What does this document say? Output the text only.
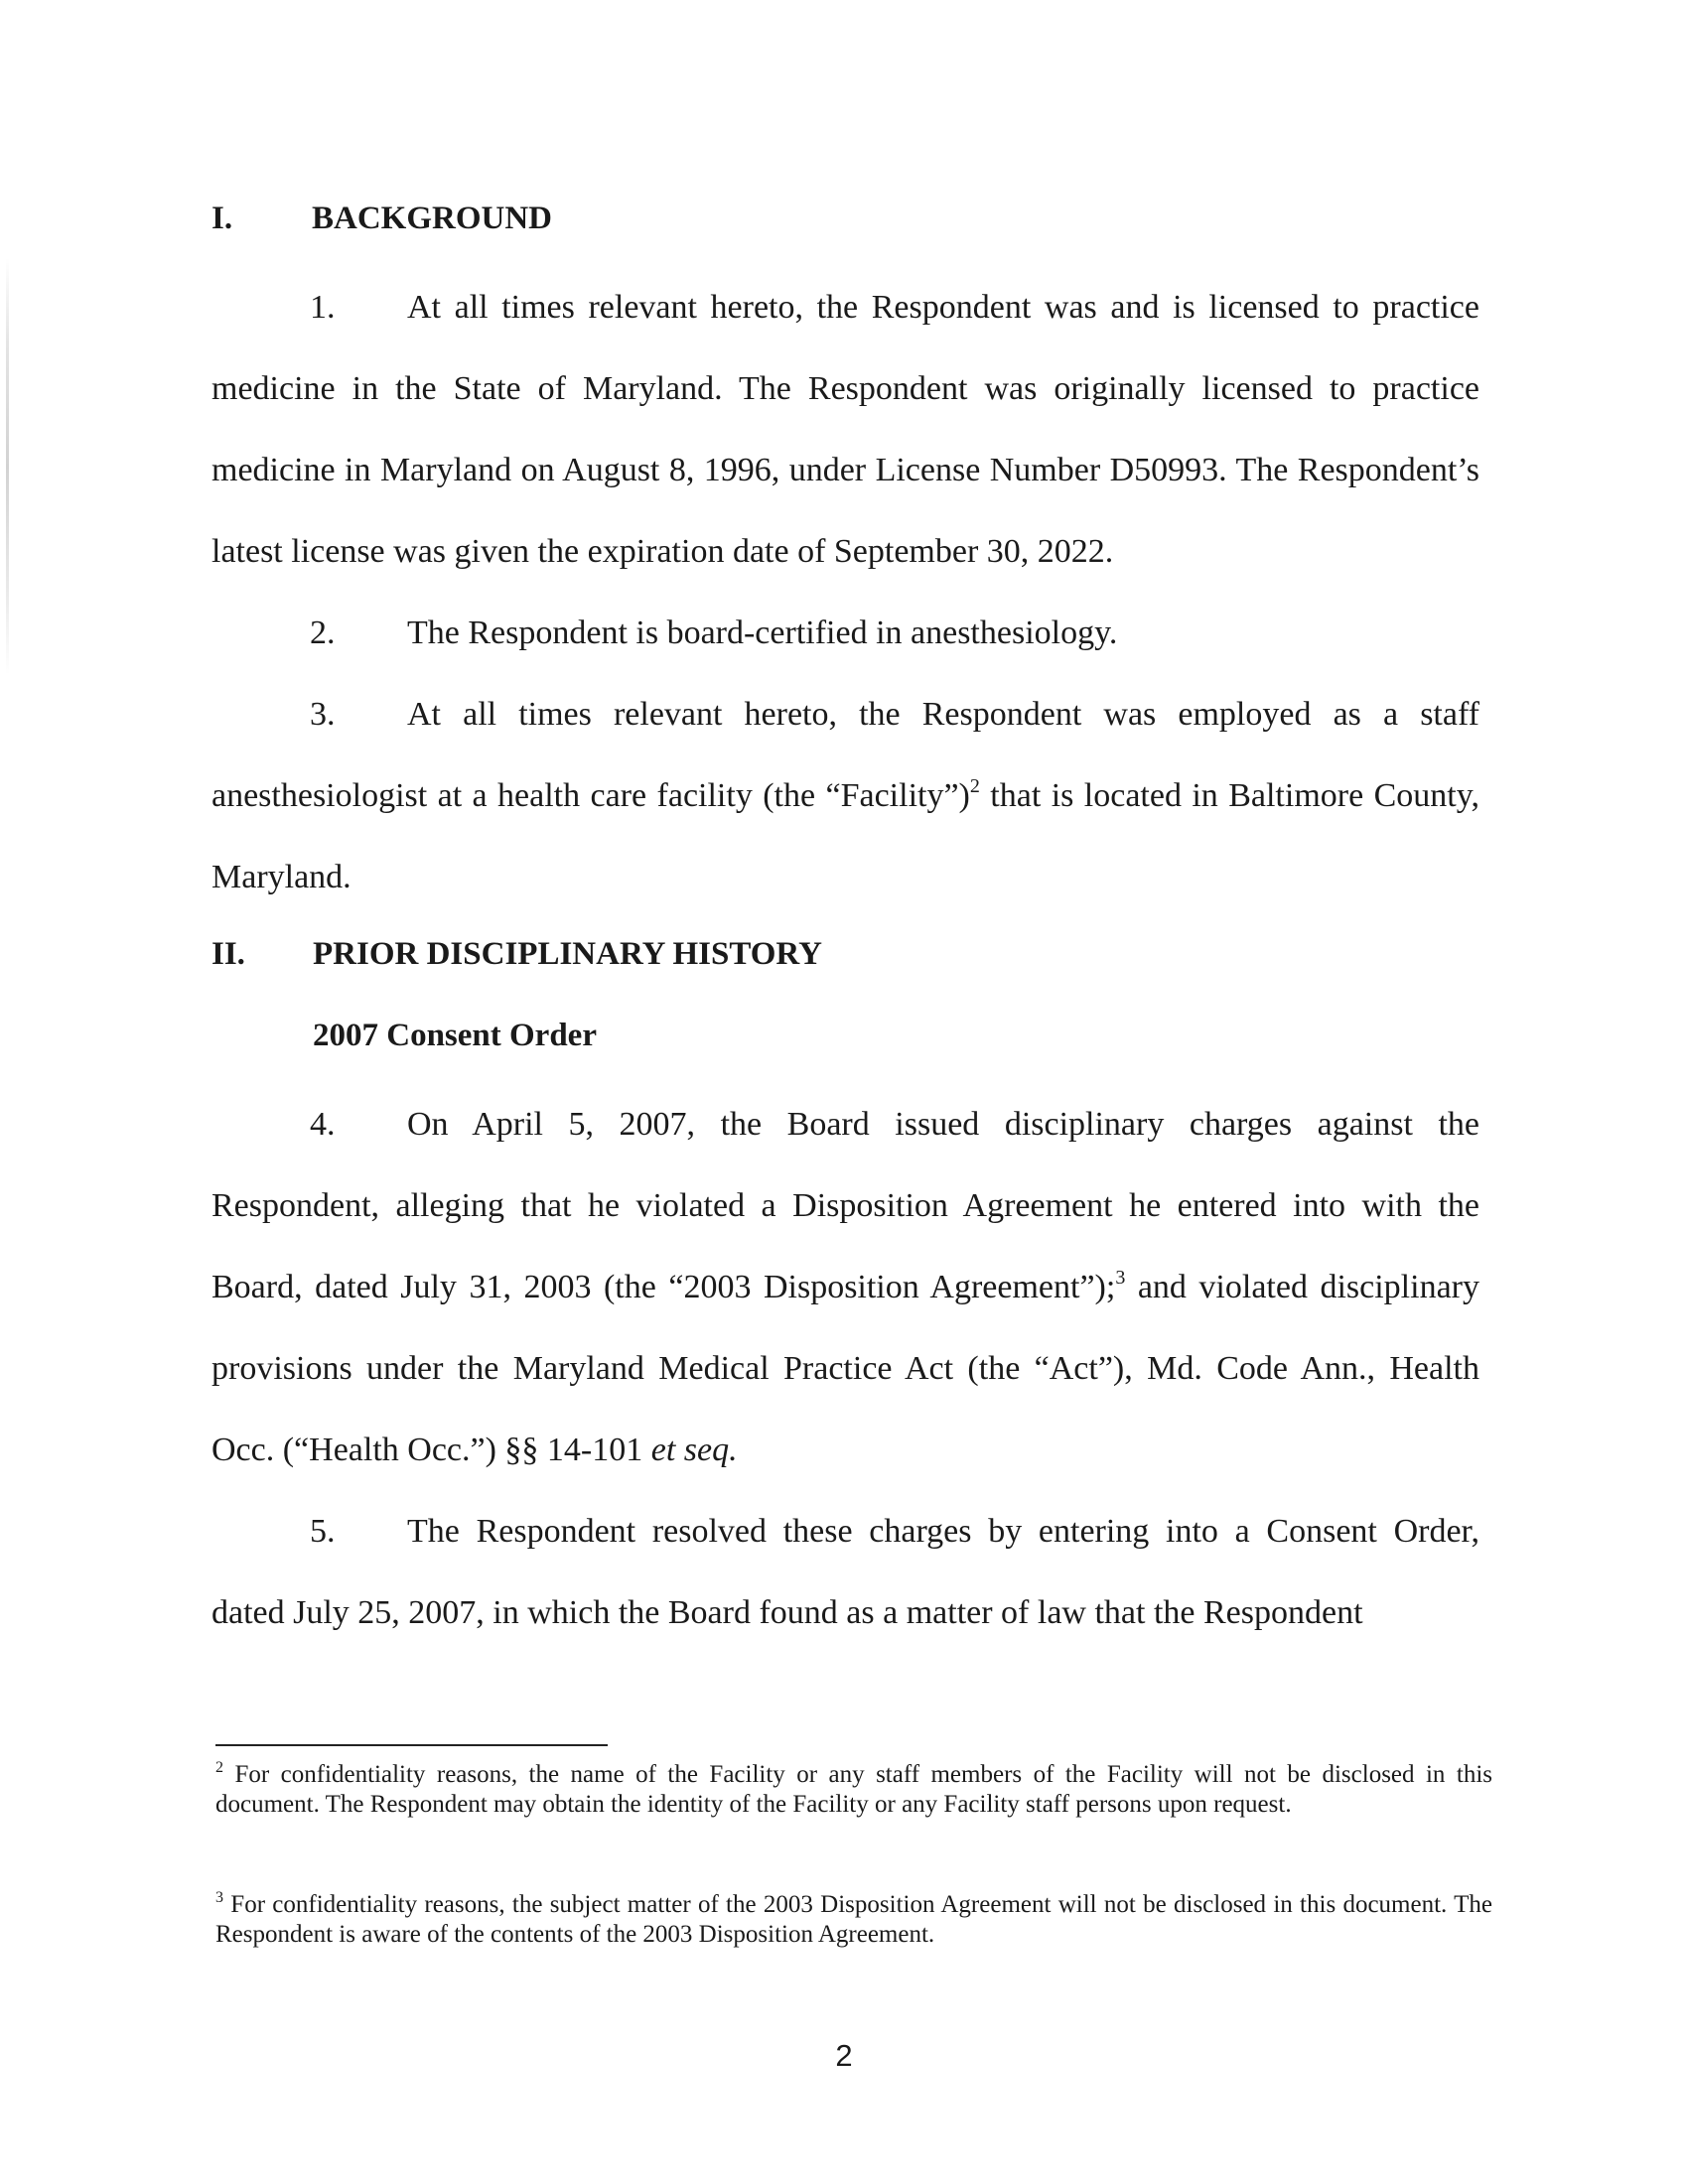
I. BACKGROUND

1. At all times relevant hereto, the Respondent was and is licensed to practice medicine in the State of Maryland. The Respondent was originally licensed to practice medicine in Maryland on August 8, 1996, under License Number D50993. The Respondent’s latest license was given the expiration date of September 30, 2022.

2. The Respondent is board-certified in anesthesiology.

3. At all times relevant hereto, the Respondent was employed as a staff anesthesiologist at a health care facility (the “Facility”)$^2$ that is located in Baltimore County, Maryland.

II. PRIOR DISCIPLINARY HISTORY
2007 Consent Order

4. On April 5, 2007, the Board issued disciplinary charges against the Respondent, alleging that he violated a Disposition Agreement he entered into with the Board, dated July 31, 2003 (the “2003 Disposition Agreement”);$^3$ and violated disciplinary provisions under the Maryland Medical Practice Act (the “Act”), Md. Code Ann., Health Occ. (“Health Occ.”) §§ 14-101 et seq.

5. The Respondent resolved these charges by entering into a Consent Order, dated July 25, 2007, in which the Board found as a matter of law that the Respondent

$^2$ For confidentiality reasons, the name of the Facility or any staff members of the Facility will not be disclosed in this document. The Respondent may obtain the identity of the Facility or any Facility staff persons upon request.

$^3$ For confidentiality reasons, the subject matter of the 2003 Disposition Agreement will not be disclosed in this document. The Respondent is aware of the contents of the 2003 Disposition Agreement.

2
